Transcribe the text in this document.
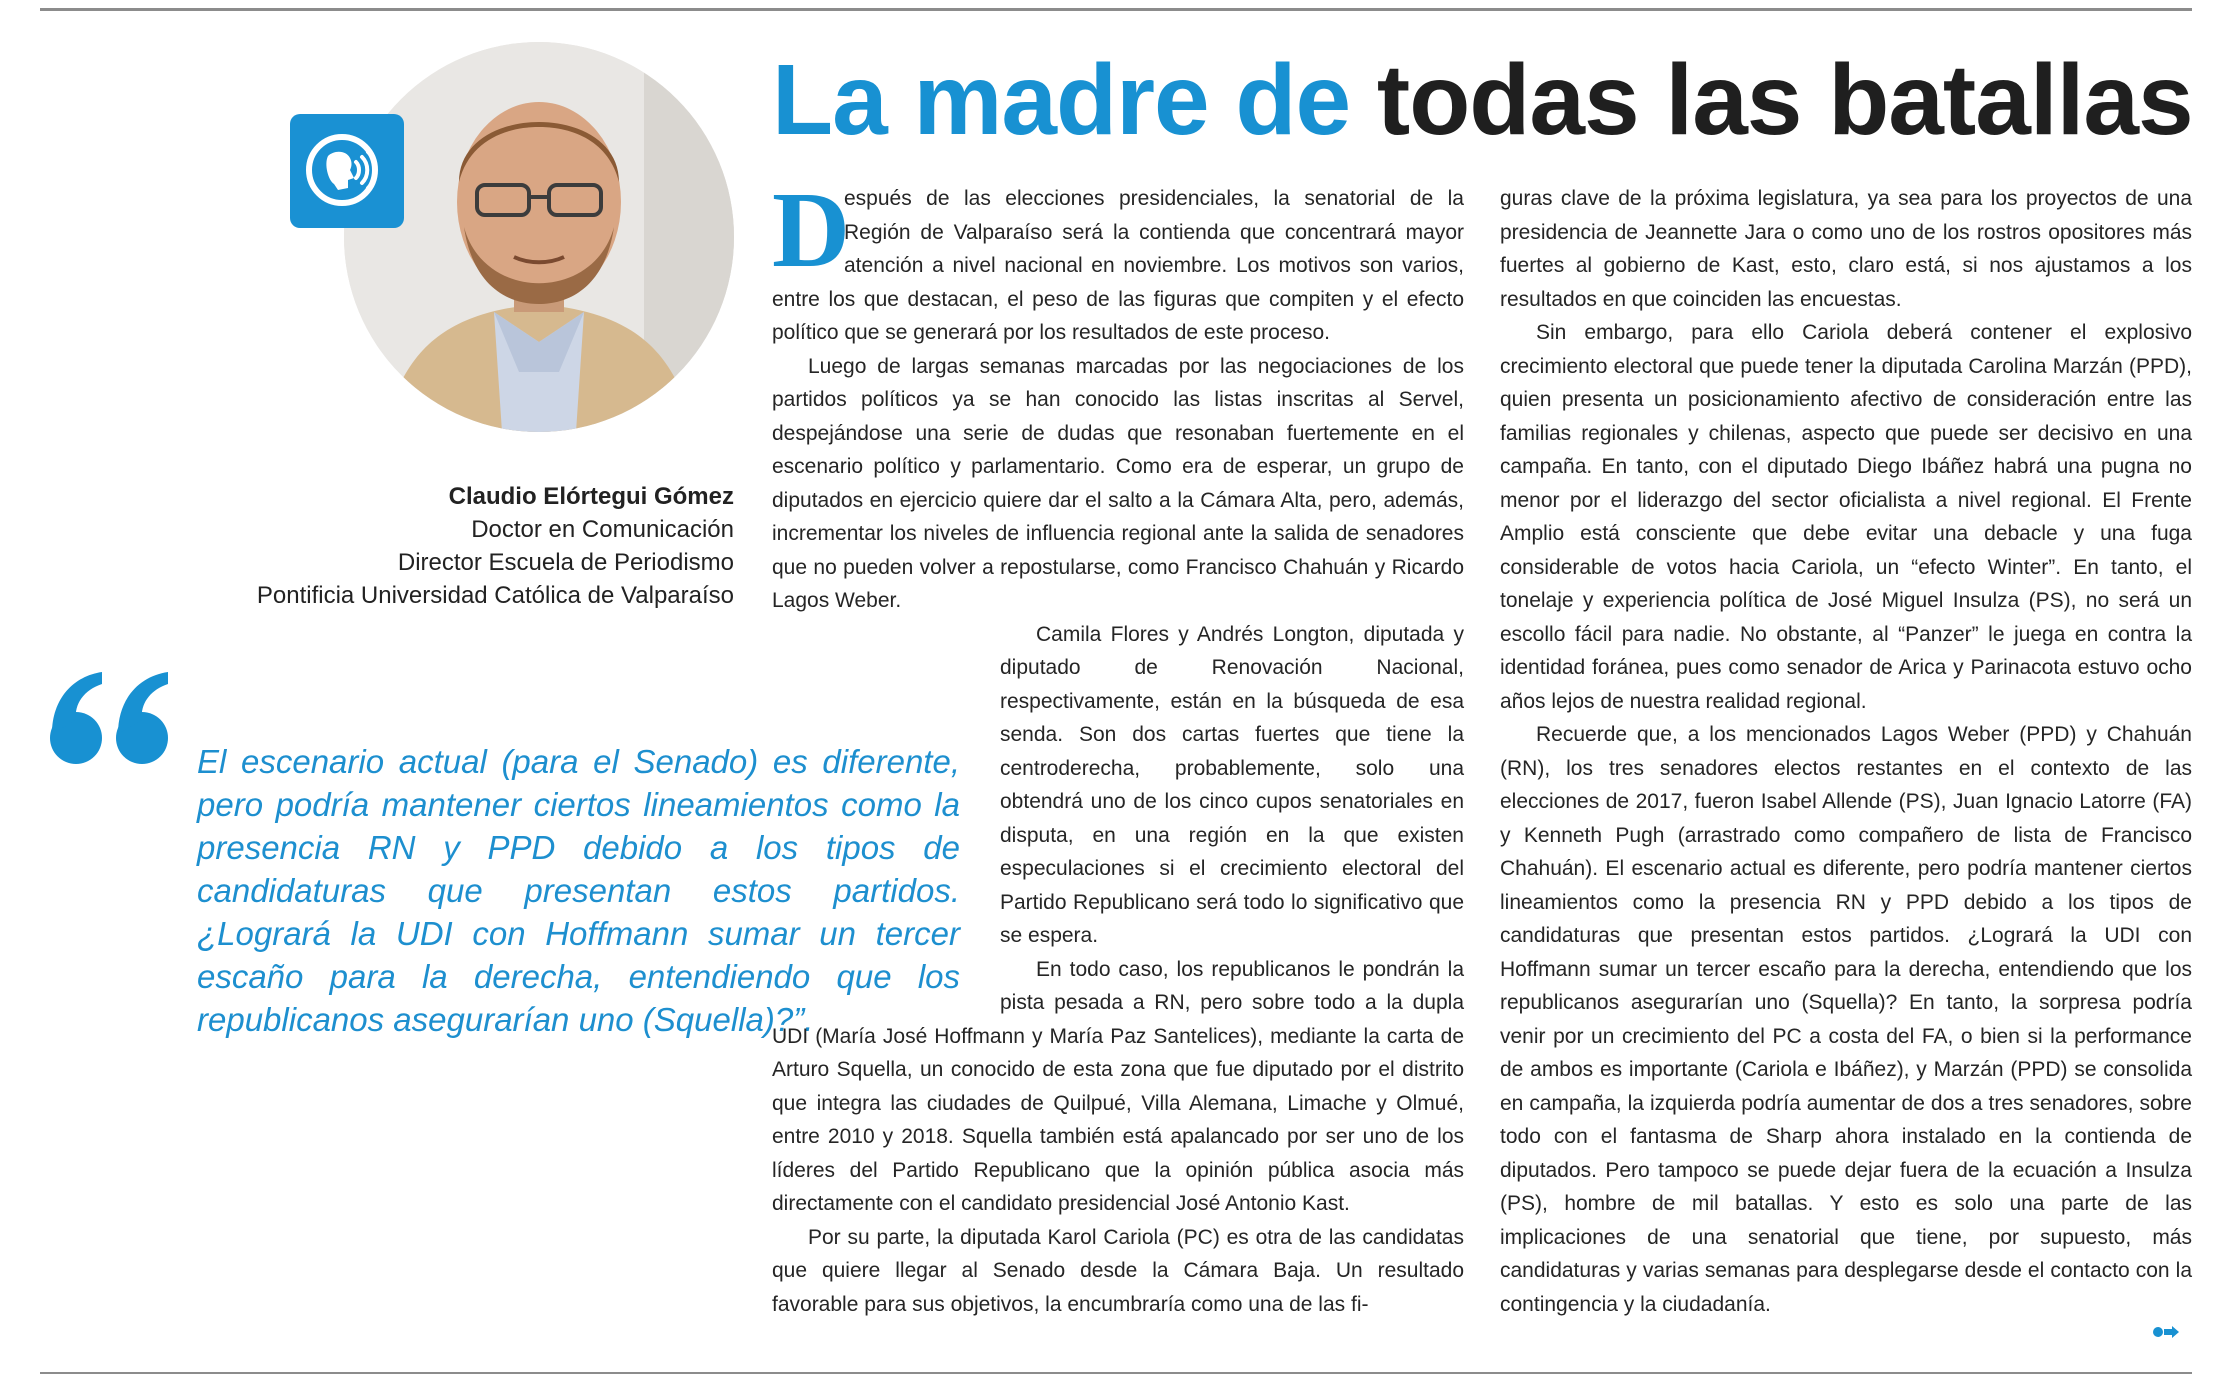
La madre de todas las batallas
Claudio Elórtegui Gómez
Doctor en Comunicación
Director Escuela de Periodismo
Pontificia Universidad Católica de Valparaíso
El escenario actual (para el Senado) es diferente, pero podría mantener ciertos lineamientos como la presencia RN y PPD debido a los tipos de candidaturas que presentan estos partidos. ¿Logrará la UDI con Hoffmann sumar un tercer escaño para la derecha, entendiendo que los republicanos asegurarían uno (Squella)?”.

D
espués de las elecciones presidenciales, la senatorial de la Región de Valparaíso será la contienda que concentrará mayor atención a nivel nacional en noviembre. Los motivos son varios, entre los que destacan, el peso de las figuras que compiten y el efecto político que se generará por los resultados de este proceso.

Luego de largas semanas marcadas por las negociaciones de los partidos políticos ya se han conocido las listas inscritas al Servel, despejándose una serie de dudas que resonaban fuertemente en el escenario político y parlamentario. Como era de esperar, un grupo de diputados en ejercicio quiere dar el salto a la Cámara Alta, pero, además, incrementar los niveles de influencia regional ante la salida de senadores que no pueden volver a repostularse, como Francisco Chahuán y Ricardo Lagos Weber.

Camila Flores y Andrés Longton, diputada y diputado de Renovación Nacional, respectivamente, están en la búsqueda de esa senda. Son dos cartas fuertes que tiene la centroderecha, probablemente, solo una obtendrá uno de los cinco cupos senatoriales en disputa, en una región en la que existen especulaciones si el crecimiento electoral del Partido Republicano será todo lo significativo que se espera.

En todo caso, los republicanos le pondrán la pista pesada a RN, pero sobre todo a la dupla UDI (María José Hoffmann y María Paz Santelices), mediante la carta de Arturo Squella, un conocido de esta zona que fue diputado por el distrito que integra las ciudades de Quilpué, Villa Alemana, Limache y Olmué, entre 2010 y 2018. Squella también está apalancado por ser uno de los líderes del Partido Republicano que la opinión pública asocia más directamente con el candidato presidencial José Antonio Kast.

Por su parte, la diputada Karol Cariola (PC) es otra de las candidatas que quiere llegar al Senado desde la Cámara Baja. Un resultado favorable para sus objetivos, la encumbraría como una de las fi-

guras clave de la próxima legislatura, ya sea para los proyectos de una presidencia de Jeannette Jara o como uno de los rostros opositores más fuertes al gobierno de Kast, esto, claro está, si nos ajustamos a los resultados en que coinciden las encuestas.

Sin embargo, para ello Cariola deberá contener el explosivo crecimiento electoral que puede tener la diputada Carolina Marzán (PPD), quien presenta un posicionamiento afectivo de consideración entre las familias regionales y chilenas, aspecto que puede ser decisivo en una campaña. En tanto, con el diputado Diego Ibáñez habrá una pugna no menor por el liderazgo del sector oficialista a nivel regional. El Frente Amplio está consciente que debe evitar una debacle y una fuga considerable de votos hacia Cariola, un “efecto Winter”. En tanto, el tonelaje y experiencia política de José Miguel Insulza (PS), no será un escollo fácil para nadie. No obstante, al “Panzer” le juega en contra la identidad foránea, pues como senador de Arica y Parinacota estuvo ocho años lejos de nuestra realidad regional.

Recuerde que, a los mencionados Lagos Weber (PPD) y Chahuán (RN), los tres senadores electos restantes en el contexto de las elecciones de 2017, fueron Isabel Allende (PS), Juan Ignacio Latorre (FA) y Kenneth Pugh (arrastrado como compañero de lista de Francisco Chahuán). El escenario actual es diferente, pero podría mantener ciertos lineamientos como la presencia RN y PPD debido a los tipos de candidaturas que presentan estos partidos. ¿Logrará la UDI con Hoffmann sumar un tercer escaño para la derecha, entendiendo que los republicanos asegurarían uno (Squella)? En tanto, la sorpresa podría venir por un crecimiento del PC a costa del FA, o bien si la performance de ambos es importante (Cariola e Ibáñez), y Marzán (PPD) se consolida en campaña, la izquierda podría aumentar de dos a tres senadores, sobre todo con el fantasma de Sharp ahora instalado en la contienda de diputados. Pero tampoco se puede dejar fuera de la ecuación a Insulza (PS), hombre de mil batallas. Y esto es solo una parte de las implicaciones de una senatorial que tiene, por supuesto, más candidaturas y varias semanas para desplegarse desde el contacto con la contingencia y la ciudadanía.
